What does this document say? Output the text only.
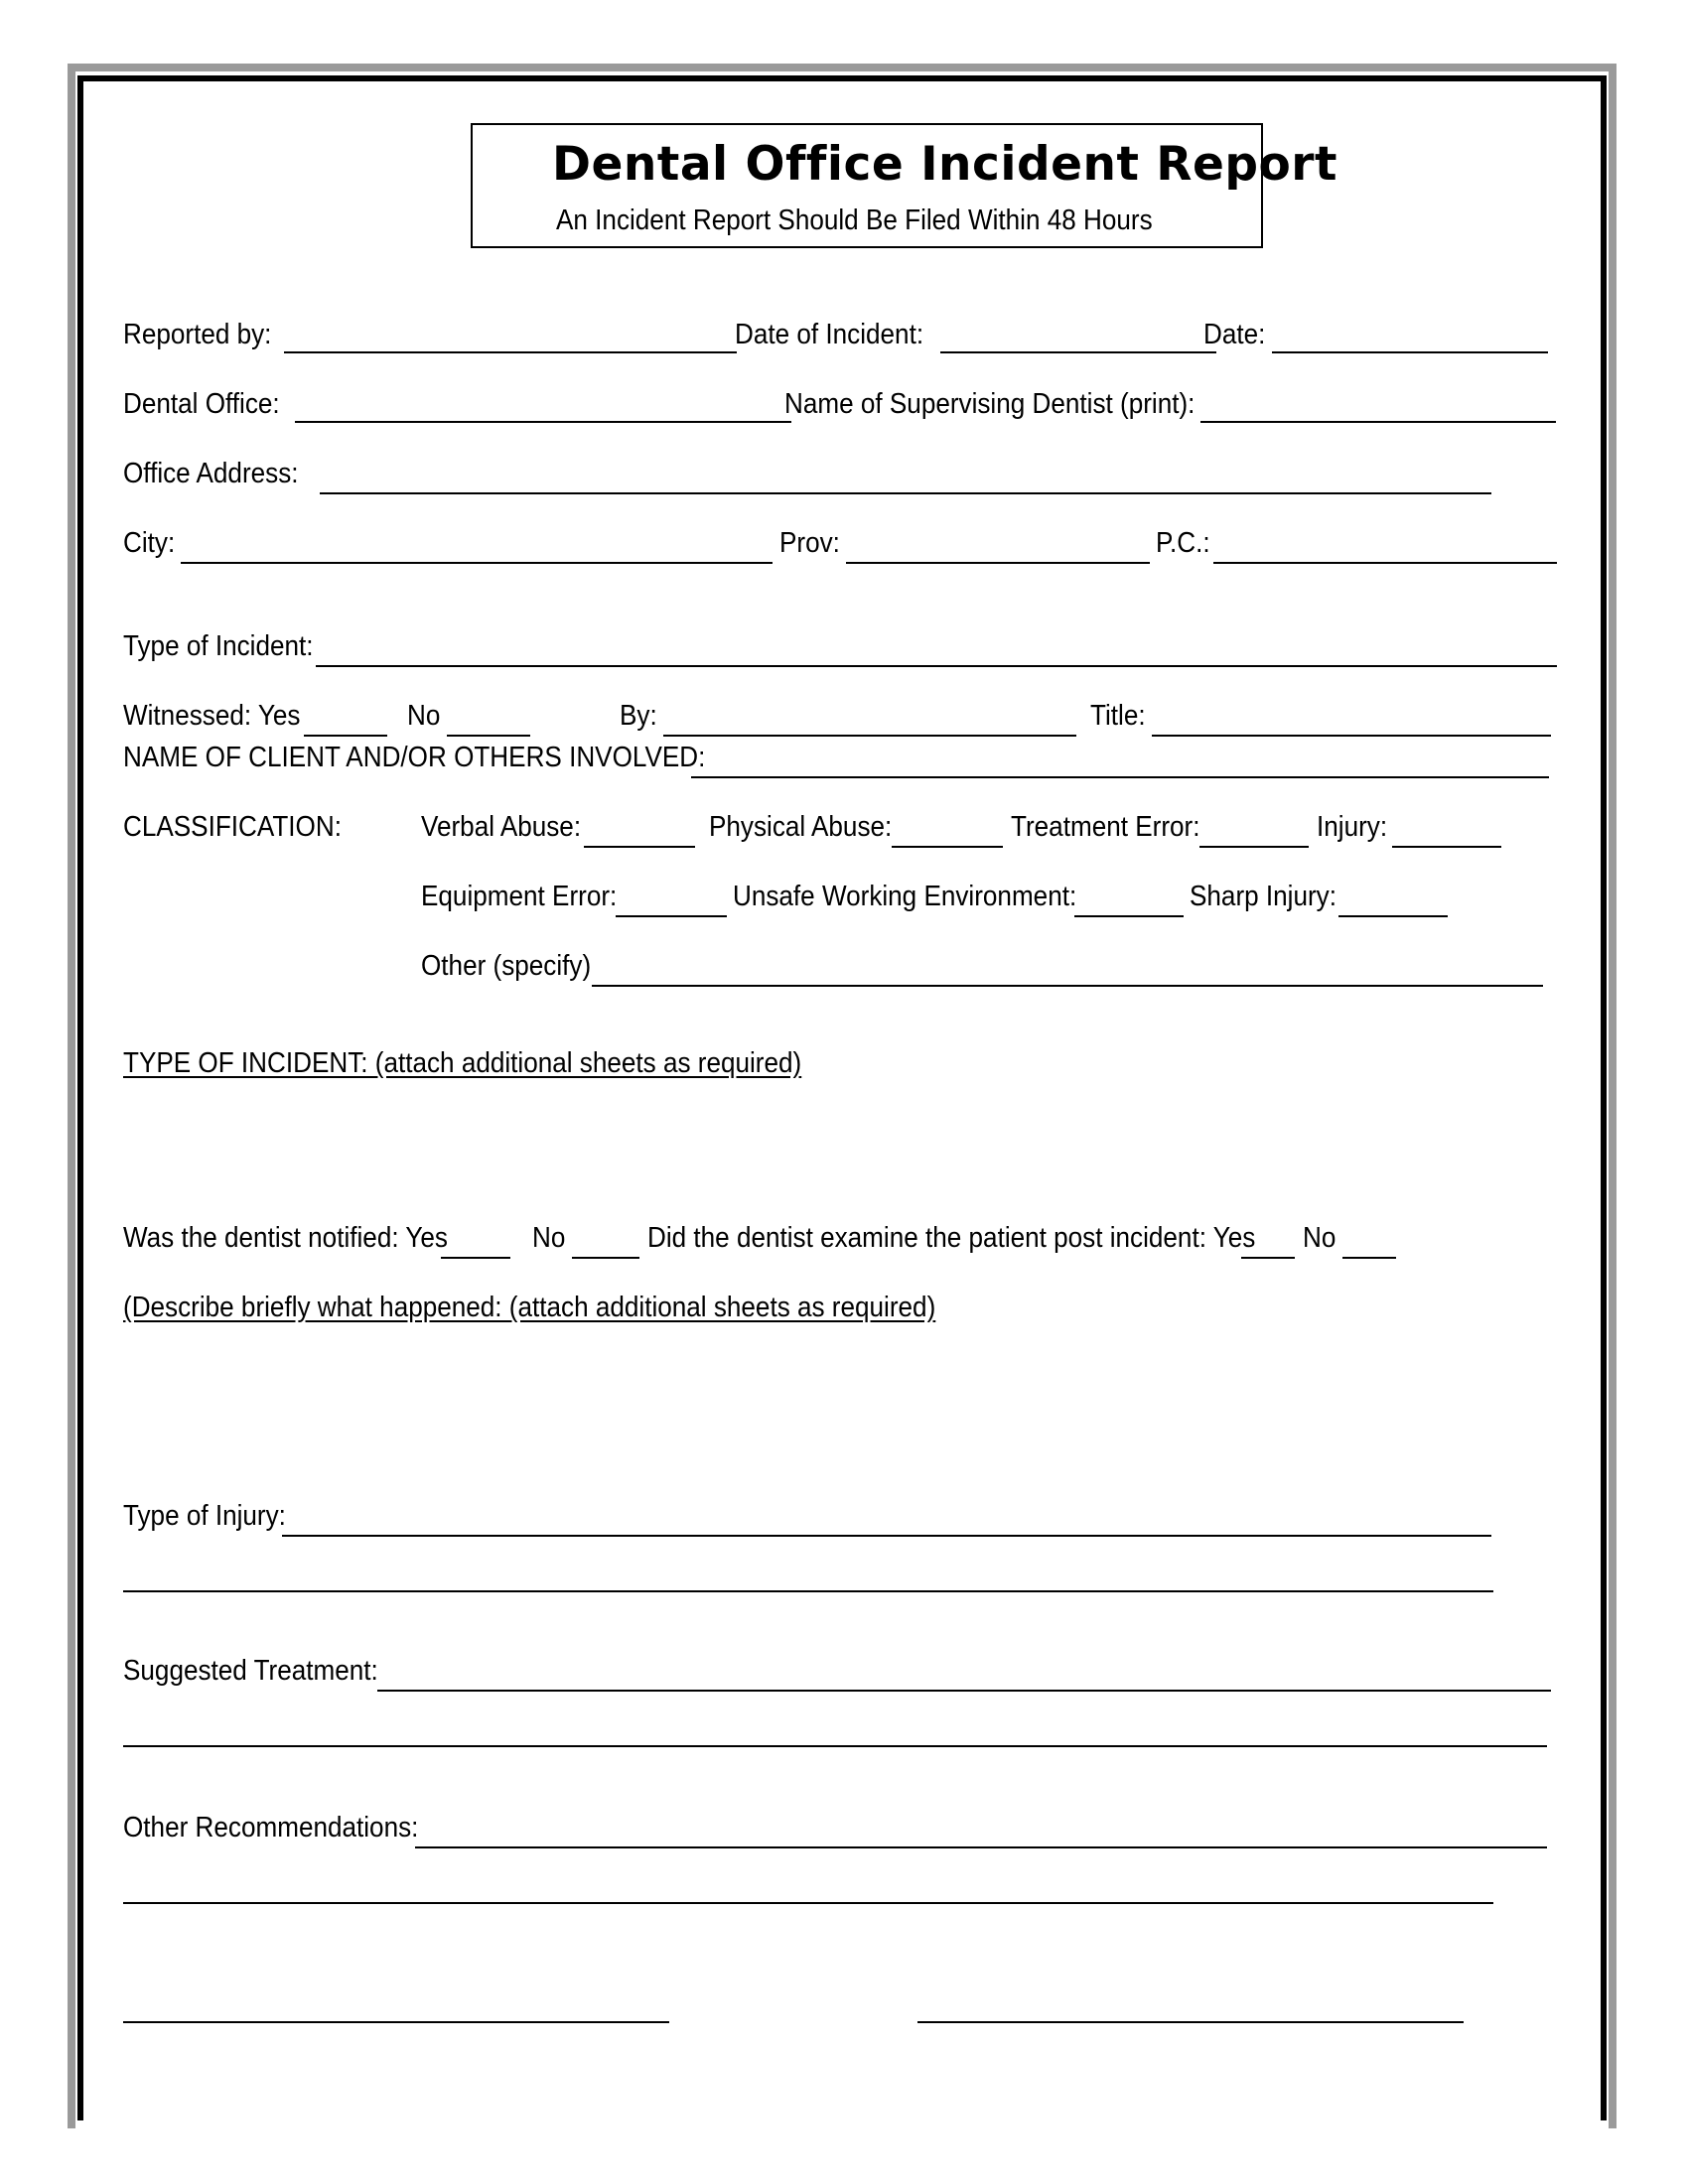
Dental Office Incident Report
An Incident Report Should Be Filed Within 48 Hours
Reported by:	Date of Incident:	Date:
Dental Office:	Name of Supervising Dentist (print):
Office Address:
City:	Prov:	P.C.:
Type of Incident:
Witnessed: Yes	No	By:	Title:
NAME OF CLIENT AND/OR OTHERS INVOLVED:
CLASSIFICATION:	Verbal Abuse:	Physical Abuse:	Treatment Error:	Injury:
Equipment Error:	Unsafe Working Environment:	Sharp Injury:
Other (specify)
TYPE OF INCIDENT: (attach additional sheets as required)
Was the dentist notified: Yes	No	Did the dentist examine the patient post incident: Yes No
(Describe briefly what happened: (attach additional sheets as required)
Type of Injury:
Suggested Treatment:
Other Recommendations:
